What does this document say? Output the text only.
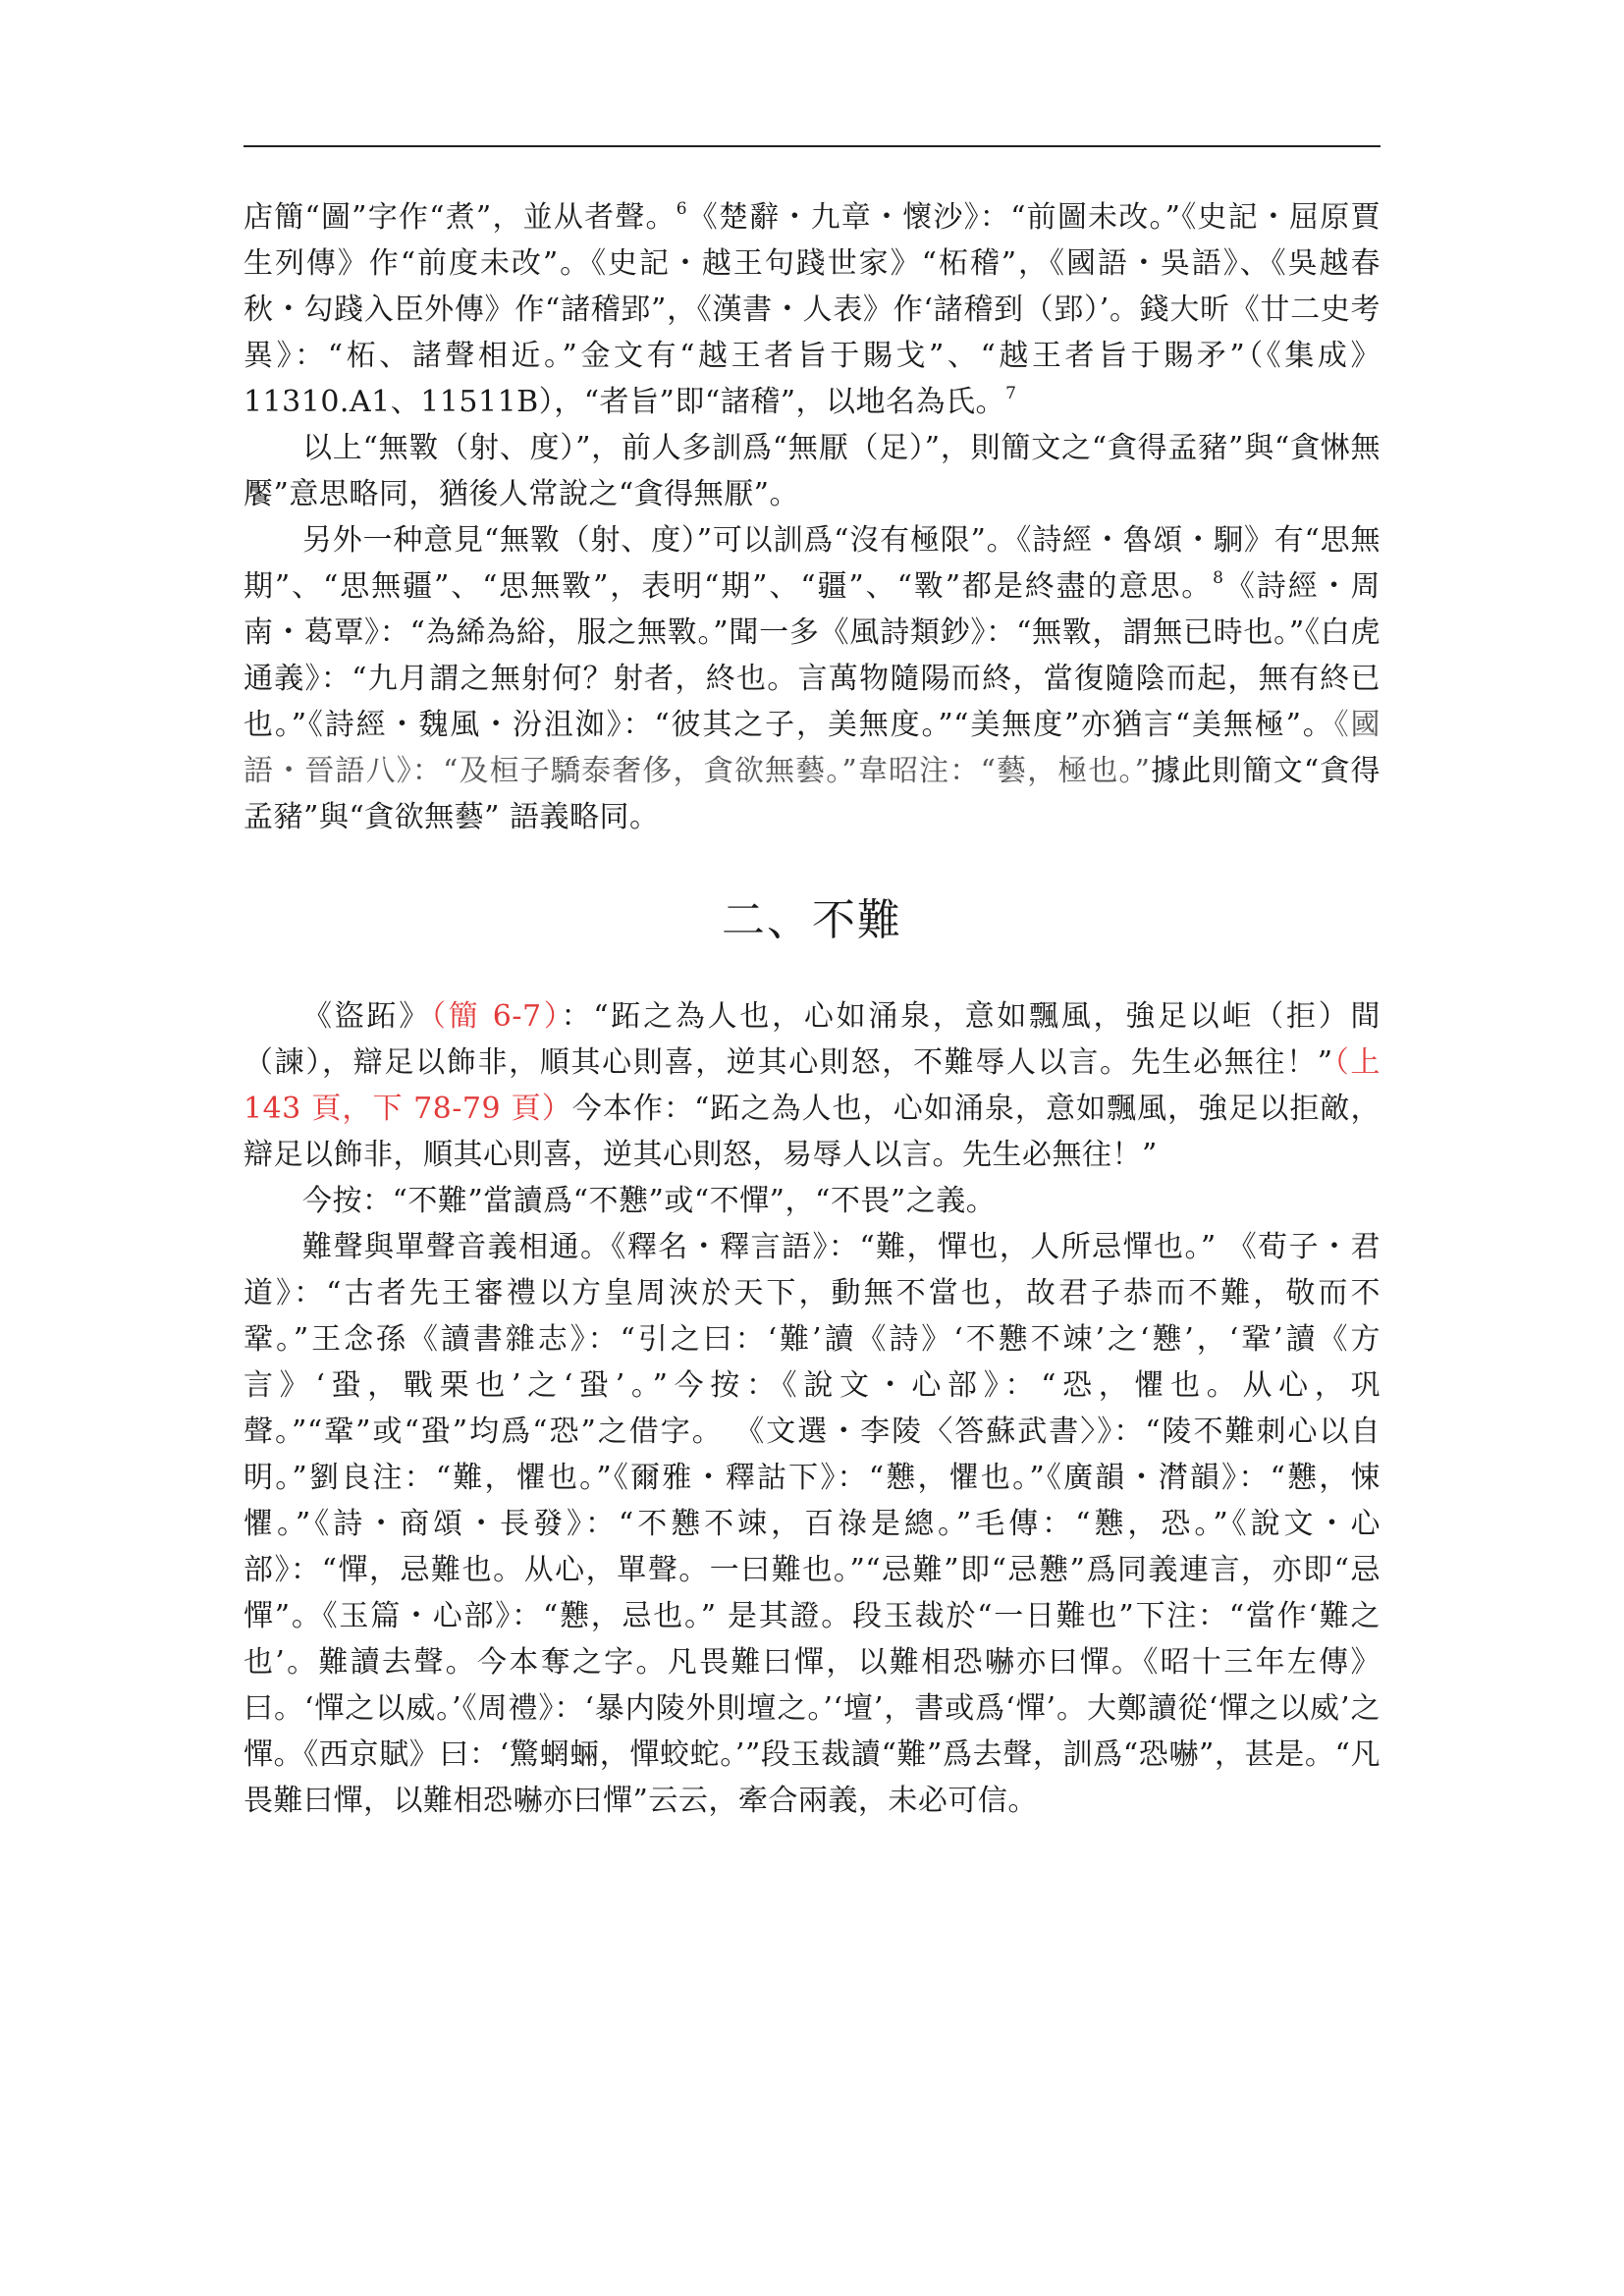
店簡“圖”字作“煮”，並从者聲。$^6$《楚辭・九章・懷沙》：“前圖未改。”《史記・屈原賈生列傳》作“前度未改”。《史記・越王句踐世家》“柘稽”，《國語・吳語》、《吳越春秋・勾踐入臣外傳》作“諸稽郢”，《漢書・人表》作‘諸稽到（郢）’。錢大昕《廿二史考異》：“柘、諸聲相近。”金文有“越王者旨于賜戈”、“越王者旨于賜矛”（《集成》11310.A1、11511B），“者旨”即“諸稽”，以地名為氏。$^7$

以上“無斁（射、度）”，前人多訓爲“無厭（足）”，則簡文之“貪得孟豬”與“貪惏無饜”意思略同，猶後人常說之“貪得無厭”。

另外一种意見“無斁（射、度）”可以訓爲“沒有極限”。《詩經・魯頌・駉》有“思無期”、“思無疆”、“思無斁”，表明“期”、“疆”、“斁”都是終盡的意思。$^8$《詩經・周南・葛覃》：“為絺為綌，服之無斁。”聞一多《風詩類鈔》：“無斁，謂無已時也。”《白虎通義》：“九月謂之無射何？射者，終也。言萬物隨陽而終，當復隨陰而起，無有終已也。”《詩經・魏風・汾沮洳》：“彼其之子，美無度。”“美無度”亦猶言“美無極”。《國語・晉語八》：“及桓子驕泰奢侈，貪欲無藝。”韋昭注：“藝，極也。”據此則簡文“貪得孟豬”與“貪欲無藝” 語義略同。

二、不難

《盜跖》（簡 6-7）：“跖之為人也，心如涌泉，意如飄風，強足以岠（拒）間（諫），辯足以飾非，順其心則喜，逆其心則怒，不難辱人以言。先生必無往！”（上 143 頁，下 78-79 頁）今本作：“跖之為人也，心如涌泉，意如飄風，強足以拒敵，辯足以飾非，順其心則喜，逆其心則怒，易辱人以言。先生必無往！”

今按：“不難”當讀爲“不戁”或“不憚”，“不畏”之義。

難聲與單聲音義相通。《釋名・釋言語》：“難，憚也，人所忌憚也。” 《荀子・君道》：“古者先王審禮以方皇周浹於天下，動無不當也，故君子恭而不難，敬而不鞏。”王念孫《讀書雜志》：“引之曰：‘難’讀《詩》‘不戁不竦’之‘戁’，‘鞏’讀《方言》‘蛩，戰栗也’之‘蛩’。”今按：《說文・心部》：“恐，懼也。从心，巩聲。”“鞏”或“蛩”均爲“恐”之借字。 《文選・李陵〈答蘇武書〉》：“陵不難刺心以自明。”劉良注：“難，懼也。”《爾雅・釋詁下》：“戁，懼也。”《廣韻・潸韻》：“戁，悚懼。”《詩・商頌・長發》：“不戁不竦，百祿是總。”毛傳：“戁，恐。”《說文・心部》：“憚，忌難也。从心，單聲。一曰難也。”“忌難”即“忌戁”爲同義連言，亦即“忌憚”。《玉篇・心部》：“戁，忌也。” 是其證。段玉裁於“一日難也”下注：“當作‘難之也’。難讀去聲。今本奪之字。凡畏難曰憚，以難相恐嚇亦曰憚。《昭十三年左傳》曰。‘憚之以威。’《周禮》：‘暴内陵外則壇之。’‘壇’，書或爲‘憚’。大鄭讀從‘憚之以威’之憚。《西京賦》曰：‘驚蝄蜽，憚蛟蛇。’”段玉裁讀“難”爲去聲，訓爲“恐嚇”，甚是。“凡畏難曰憚，以難相恐嚇亦曰憚”云云，牽合兩義，未必可信。
